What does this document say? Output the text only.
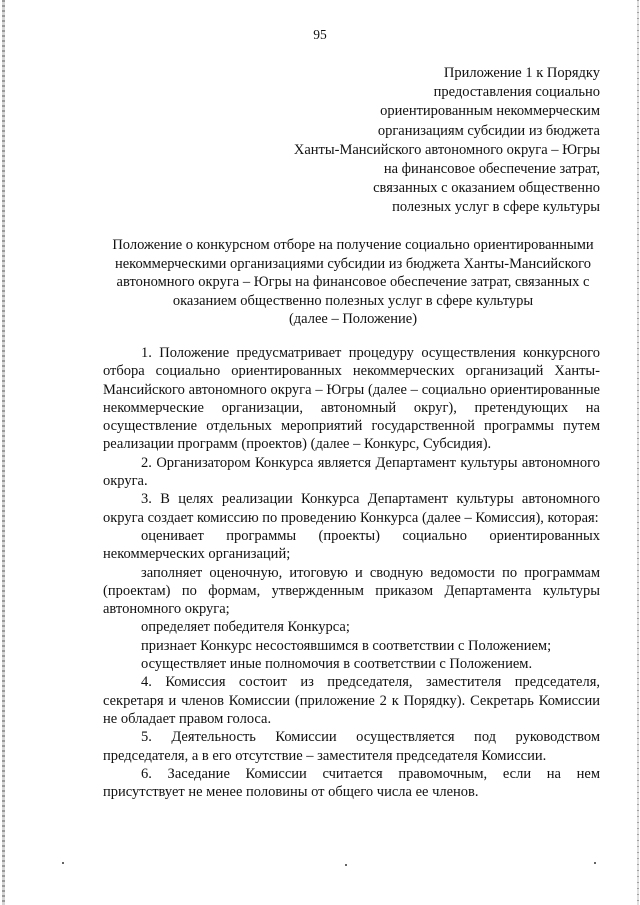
95
Приложение 1 к Порядку
предоставления социально
ориентированным некоммерческим
организациям субсидии из бюджета
Ханты-Мансийского автономного округа – Югры
на финансовое обеспечение затрат,
связанных с оказанием общественно
полезных услуг в сфере культуры
Положение о конкурсном отборе на получение социально ориентированными
некоммерческими организациями субсидии из бюджета Ханты-Мансийского
автономного округа – Югры на финансовое обеспечение затрат, связанных с
оказанием общественно полезных услуг в сфере культуры
(далее – Положение)

1. Положение предусматривает процедуру осуществления конкурсного отбора социально ориентированных некоммерческих организаций Ханты-Мансийского автономного округа – Югры (далее – социально ориентированные некоммерческие организации, автономный округ), претендующих на осуществление отдельных мероприятий государственной программы путем реализации программ (проектов) (далее – Конкурс, Субсидия).

2. Организатором Конкурса является Департамент культуры автономного округа.

3. В целях реализации Конкурса Департамент культуры автономного округа создает комиссию по проведению Конкурса (далее – Комиссия), которая:

оценивает программы (проекты) социально ориентированных некоммерческих организаций;

заполняет оценочную, итоговую и сводную ведомости по программам (проектам) по формам, утвержденным приказом Департамента культуры автономного округа;

определяет победителя Конкурса;

признает Конкурс несостоявшимся в соответствии с Положением;

осуществляет иные полномочия в соответствии с Положением.

4. Комиссия состоит из председателя, заместителя председателя, секретаря и членов Комиссии (приложение 2 к Порядку). Секретарь Комиссии не обладает правом голоса.

5. Деятельность Комиссии осуществляется под руководством председателя, а в его отсутствие – заместителя председателя Комиссии.

6. Заседание Комиссии считается правомочным, если на нем присутствует не менее половины от общего числа ее членов.
